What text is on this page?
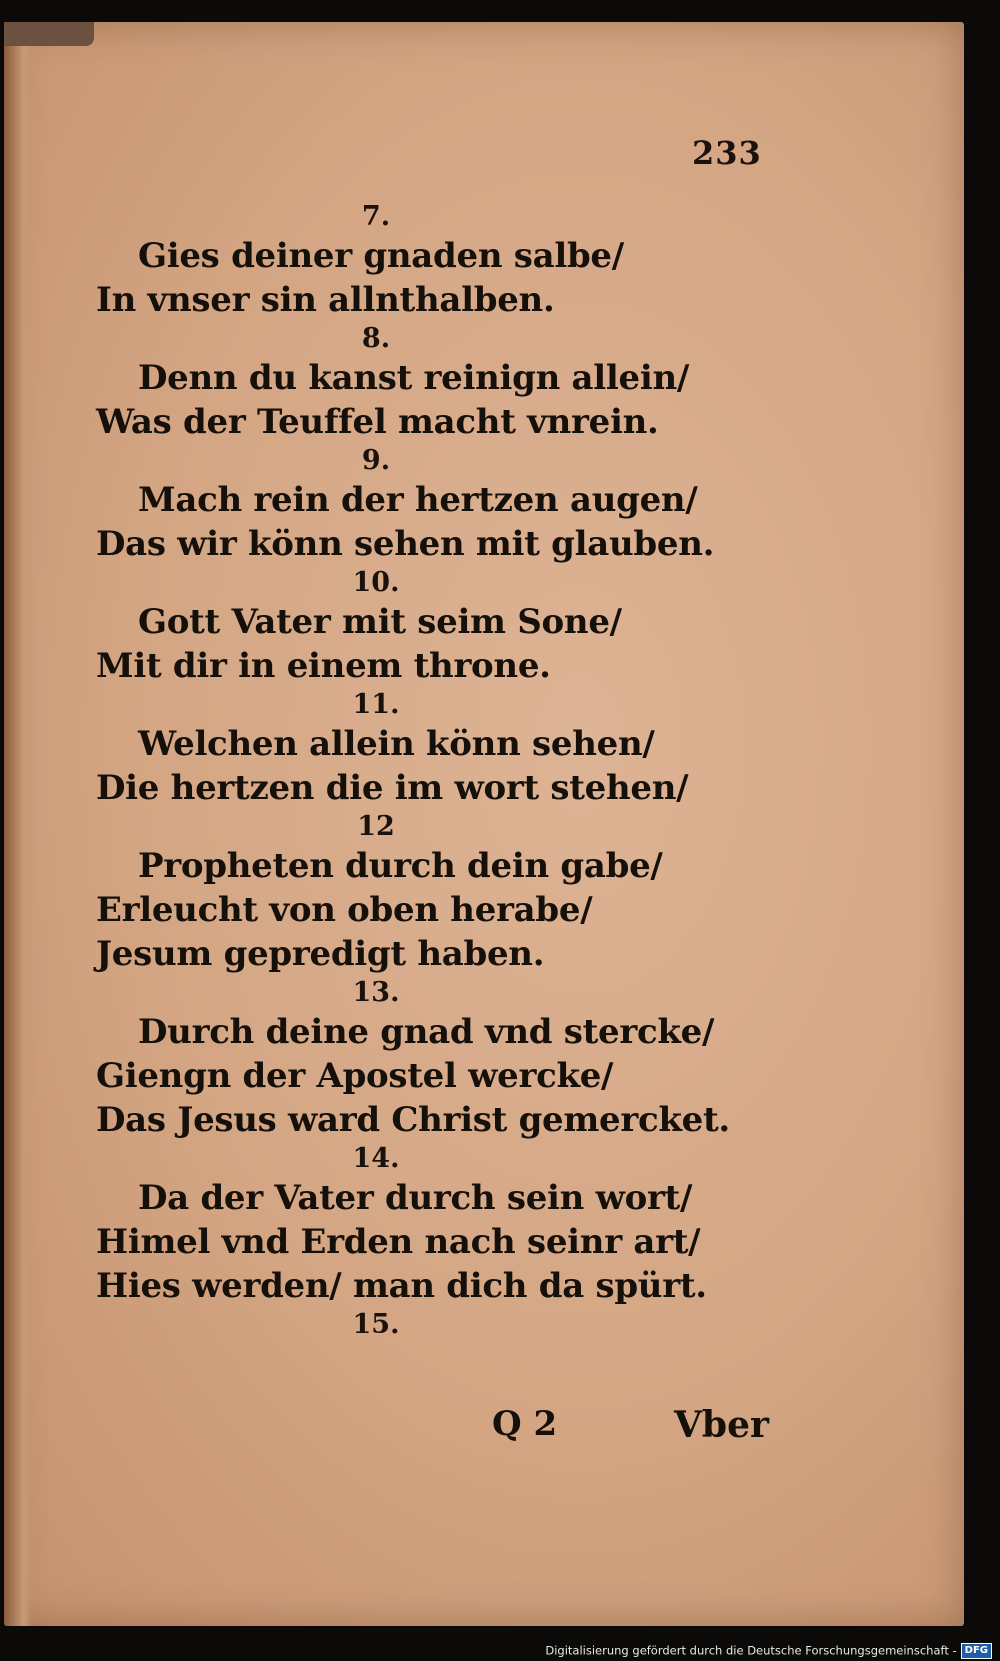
233
7.
Gies deiner gnaden salbe/
In vnser sin allnthalben.
8.
Denn du kanst reinign allein/
Was der Teuffel macht vnrein.
9.
Mach rein der hertzen augen/
Das wir könn sehen mit glauben.
10.
Gott Vater mit seim Sone/
Mit dir in einem throne.
11.
Welchen allein könn sehen/
Die hertzen die im wort stehen/
12
Propheten durch dein gabe/
Erleucht von oben herabe/
Jesum gepredigt haben.
13.
Durch deine gnad vnd stercke/
Giengn der Apostel wercke/
Das Jesus ward Christ gemercket.
14.
Da der Vater durch sein wort/
Himel vnd Erden nach seinr art/
Hies werden/ man dich da spürt.
15.
Q 2	Vber
Digitalisierung gefördert durch die Deutsche Forschungsgemeinschaft - DFG
